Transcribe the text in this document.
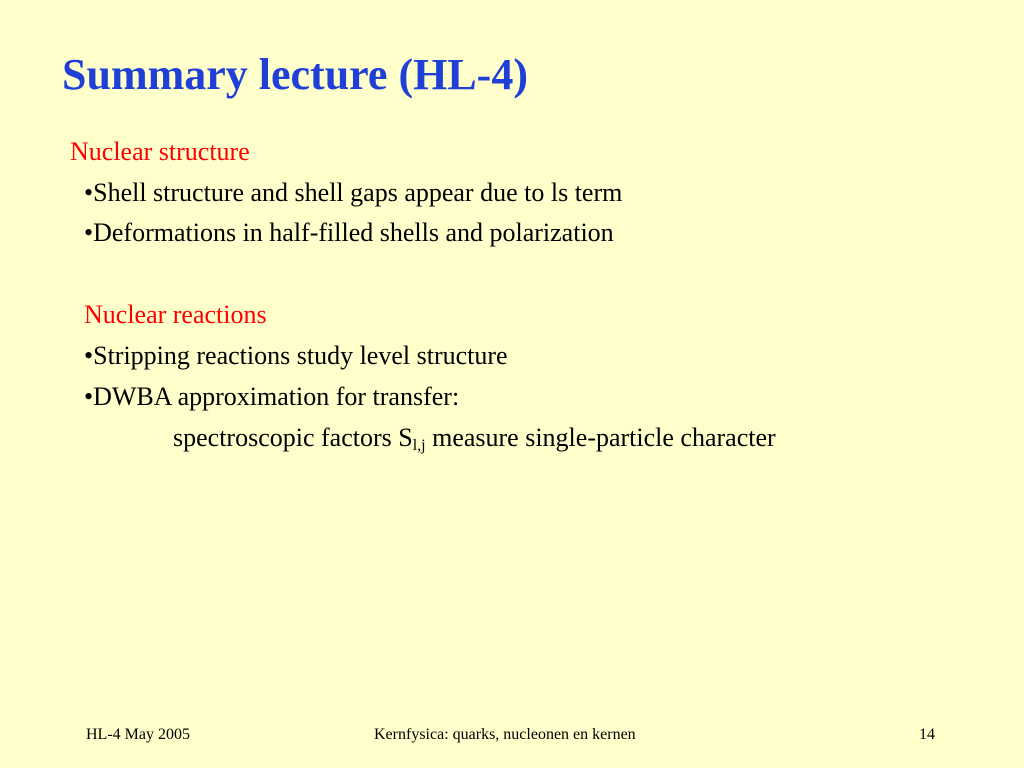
Summary lecture (HL-4)
Nuclear structure
•Shell structure and shell gaps appear due to ls term
•Deformations in half-filled shells and polarization
Nuclear reactions
•Stripping reactions study level structure
•DWBA approximation for transfer:
spectroscopic factors $S_{l,j}$ measure single-particle character
HL-4 May 2005	Kernfysica: quarks, nucleonen en kernen	14
